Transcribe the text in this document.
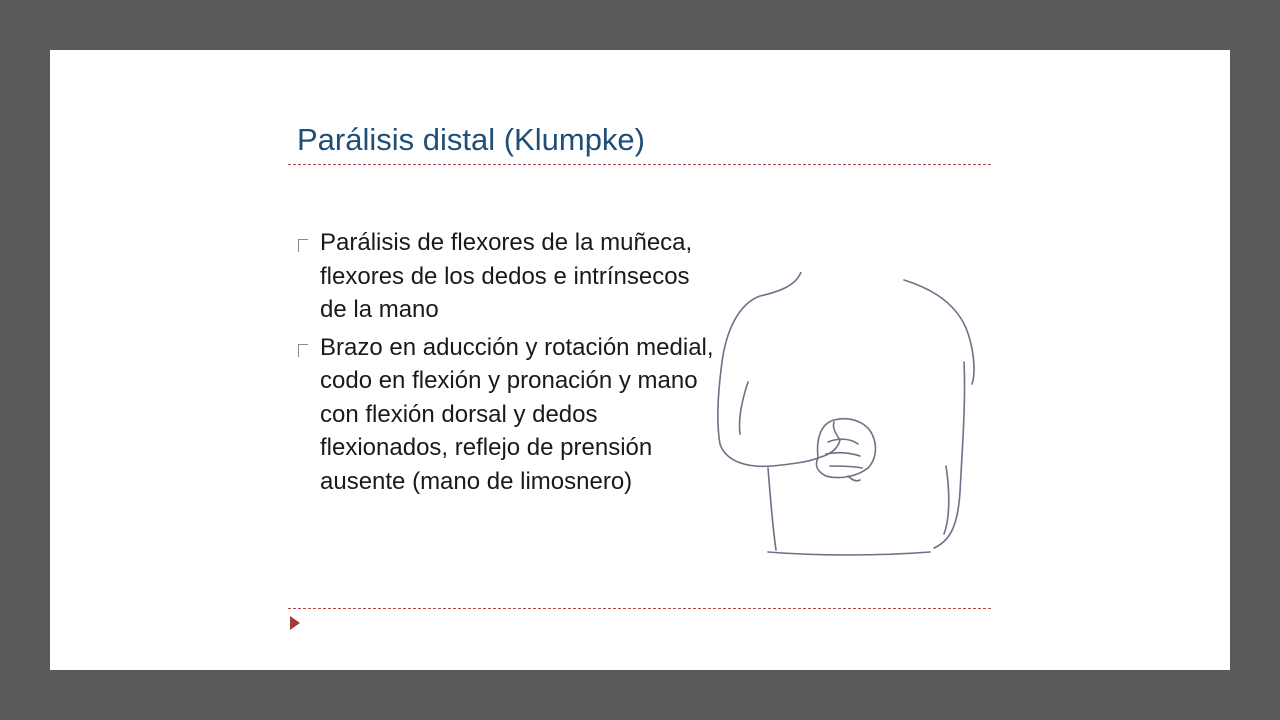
Parálisis distal (Klumpke)
Parálisis de flexores de la muñeca, flexores de los dedos e intrínsecos de la mano
Brazo en aducción y rotación medial, codo en flexión y pronación y mano con flexión dorsal y dedos flexionados, reflejo de prensión ausente (mano de limosnero)
